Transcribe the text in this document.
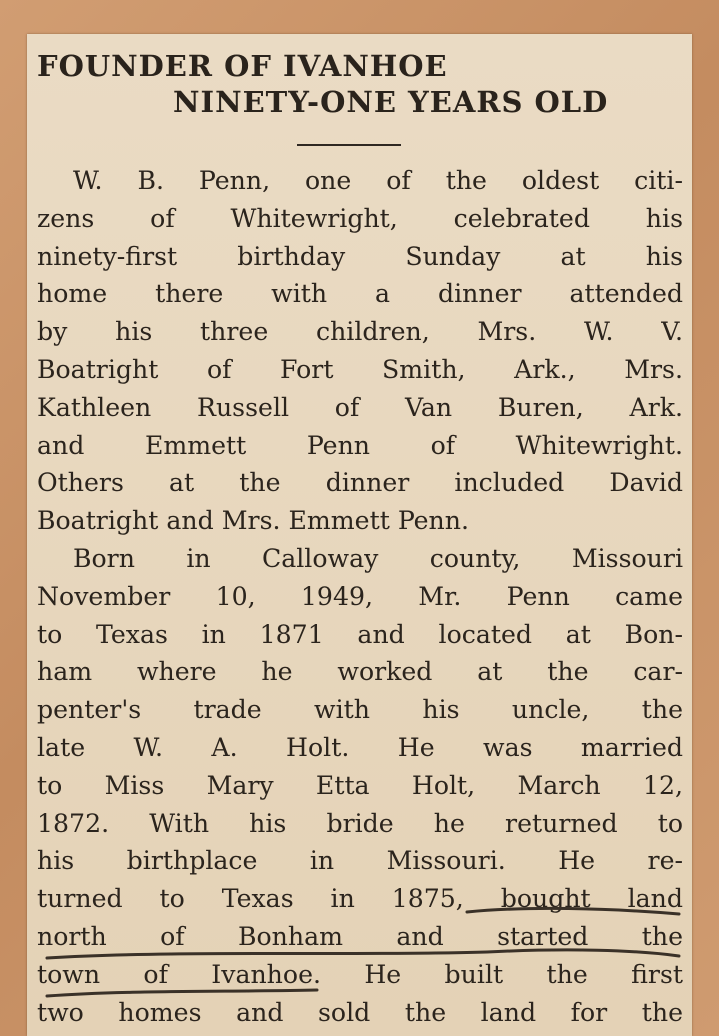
FOUNDER OF IVANHOE
NINETY-ONE YEARS OLD
W. B. Penn, one of the oldest citi-
zens of Whitewright, celebrated his
ninety-first birthday Sunday at his
home there with a dinner attended
by his three children, Mrs. W. V.
Boatright of Fort Smith, Ark., Mrs.
Kathleen Russell of Van Buren, Ark.
and Emmett Penn of Whitewright.
Others at the dinner included David
Boatright and Mrs. Emmett Penn.
Born in Calloway county, Missouri
November 10, 1949, Mr. Penn came
to Texas in 1871 and located at Bon-
ham where he worked at the car-
penter's trade with his uncle, the
late W. A. Holt. He was married
to Miss Mary Etta Holt, March 12,
1872. With his bride he returned to
his birthplace in Missouri. He re-
turned to Texas in 1875, bought land
north of Bonham and started the
town of Ivanhoe. He built the first
two homes and sold the land for the
